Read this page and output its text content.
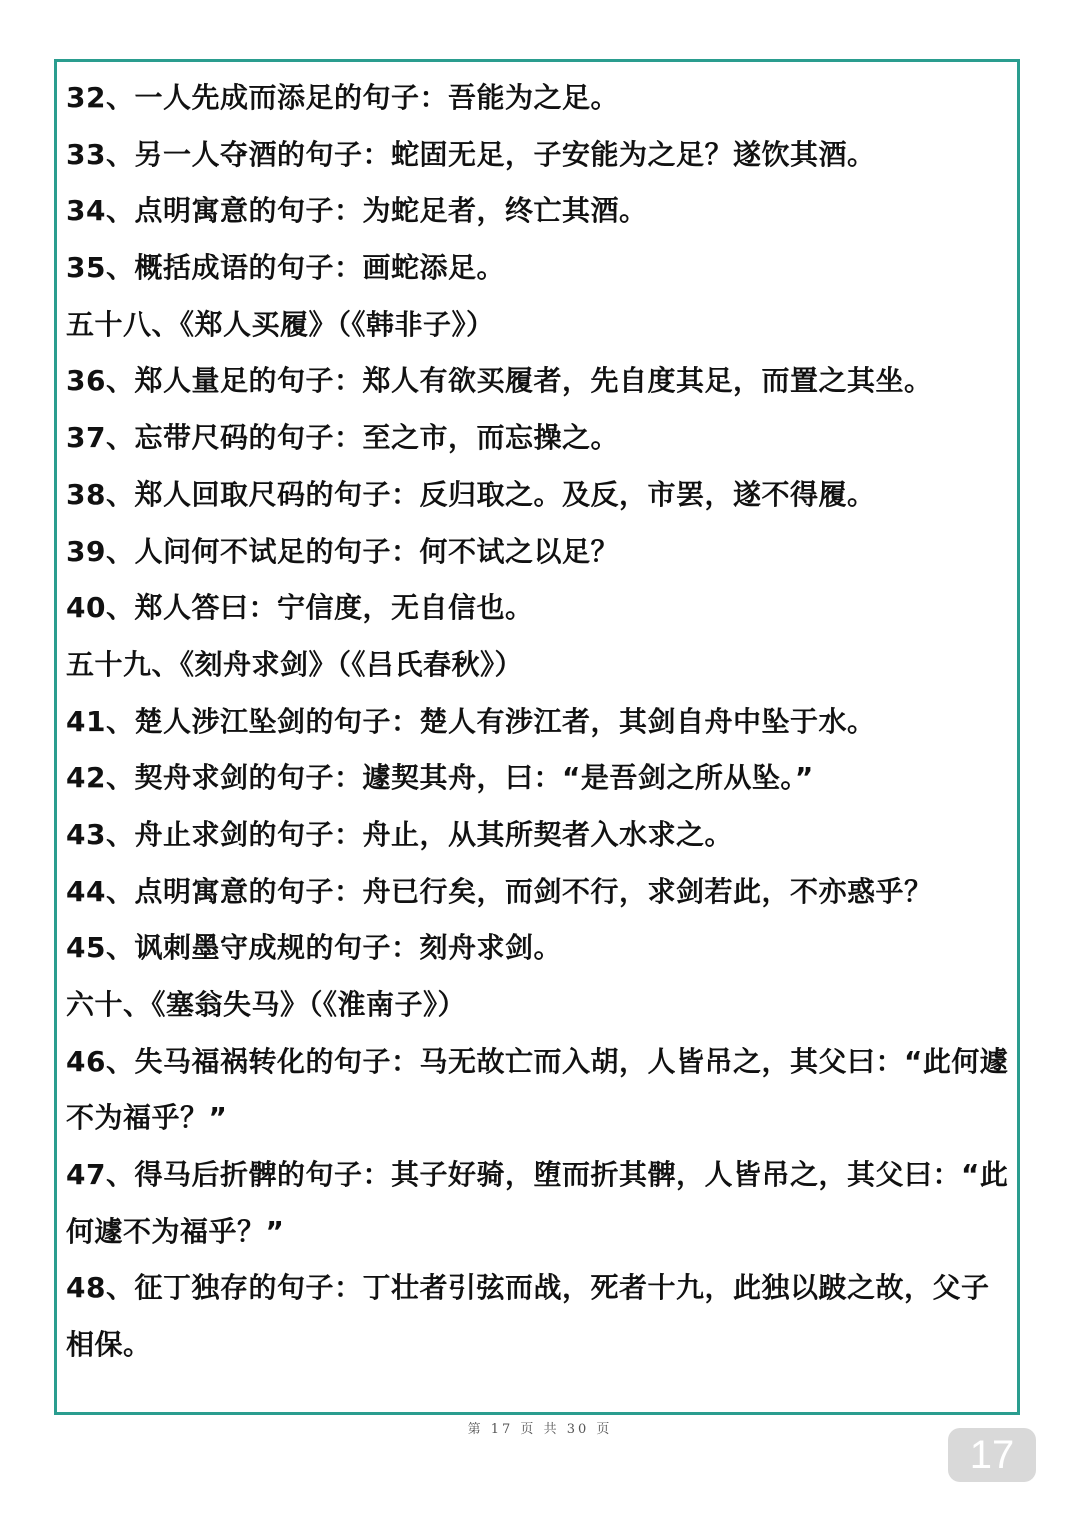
32、一人先成而添足的句子：吾能为之足。
33、另一人夺酒的句子：蛇固无足，子安能为之足？遂饮其酒。
34、点明寓意的句子：为蛇足者，终亡其酒。
35、概括成语的句子：画蛇添足。
五十八、《郑人买履》（《韩非子》）
36、郑人量足的句子：郑人有欲买履者，先自度其足，而置之其坐。
37、忘带尺码的句子：至之市，而忘操之。
38、郑人回取尺码的句子：反归取之。及反，市罢，遂不得履。
39、人问何不试足的句子：何不试之以足？
40、郑人答曰：宁信度，无自信也。
五十九、《刻舟求剑》（《吕氏春秋》）
41、楚人涉江坠剑的句子：楚人有涉江者，其剑自舟中坠于水。
42、契舟求剑的句子：遽契其舟，曰：“是吾剑之所从坠。”
43、舟止求剑的句子：舟止，从其所契者入水求之。
44、点明寓意的句子：舟已行矣，而剑不行，求剑若此，不亦惑乎？
45、讽刺墨守成规的句子：刻舟求剑。
六十、《塞翁失马》（《淮南子》）
46、失马福祸转化的句子：马无故亡而入胡，人皆吊之，其父曰：“此何遽
不为福乎？”
47、得马后折髀的句子：其子好骑，堕而折其髀，人皆吊之，其父曰：“此
何遽不为福乎？”
48、征丁独存的句子：丁壮者引弦而战，死者十九，此独以跛之故，父子
相保。
第 17 页 共 30 页
17
